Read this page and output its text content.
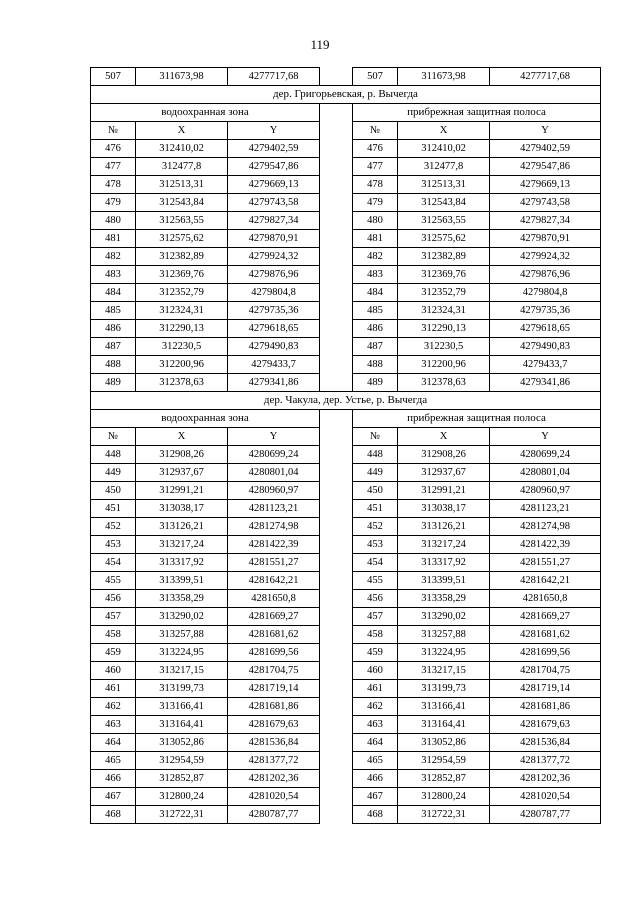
119
507	311673,98	4277717,68		507	311673,98	4277717,68
дер. Григорьевская, р. Вычегда						
водоохранная зона				прибрежная защитная полоса		
№	X	Y		№	X	Y
476	312410,02	4279402,59		476	312410,02	4279402,59
477	312477,8	4279547,86		477	312477,8	4279547,86
478	312513,31	4279669,13		478	312513,31	4279669,13
479	312543,84	4279743,58		479	312543,84	4279743,58
480	312563,55	4279827,34		480	312563,55	4279827,34
481	312575,62	4279870,91		481	312575,62	4279870,91
482	312382,89	4279924,32		482	312382,89	4279924,32
483	312369,76	4279876,96		483	312369,76	4279876,96
484	312352,79	4279804,8		484	312352,79	4279804,8
485	312324,31	4279735,36		485	312324,31	4279735,36
486	312290,13	4279618,65		486	312290,13	4279618,65
487	312230,5	4279490,83		487	312230,5	4279490,83
488	312200,96	4279433,7		488	312200,96	4279433,7
489	312378,63	4279341,86		489	312378,63	4279341,86
дер. Чакула, дер. Устье, р. Вычегда						
водоохранная зона				прибрежная защитная полоса		
№	X	Y		№	X	Y
448	312908,26	4280699,24		448	312908,26	4280699,24
449	312937,67	4280801,04		449	312937,67	4280801,04
450	312991,21	4280960,97		450	312991,21	4280960,97
451	313038,17	4281123,21		451	313038,17	4281123,21
452	313126,21	4281274,98		452	313126,21	4281274,98
453	313217,24	4281422,39		453	313217,24	4281422,39
454	313317,92	4281551,27		454	313317,92	4281551,27
455	313399,51	4281642,21		455	313399,51	4281642,21
456	313358,29	4281650,8		456	313358,29	4281650,8
457	313290,02	4281669,27		457	313290,02	4281669,27
458	313257,88	4281681,62		458	313257,88	4281681,62
459	313224,95	4281699,56		459	313224,95	4281699,56
460	313217,15	4281704,75		460	313217,15	4281704,75
461	313199,73	4281719,14		461	313199,73	4281719,14
462	313166,41	4281681,86		462	313166,41	4281681,86
463	313164,41	4281679,63		463	313164,41	4281679,63
464	313052,86	4281536,84		464	313052,86	4281536,84
465	312954,59	4281377,72		465	312954,59	4281377,72
466	312852,87	4281202,36		466	312852,87	4281202,36
467	312800,24	4281020,54		467	312800,24	4281020,54
468	312722,31	4280787,77		468	312722,31	4280787,77
